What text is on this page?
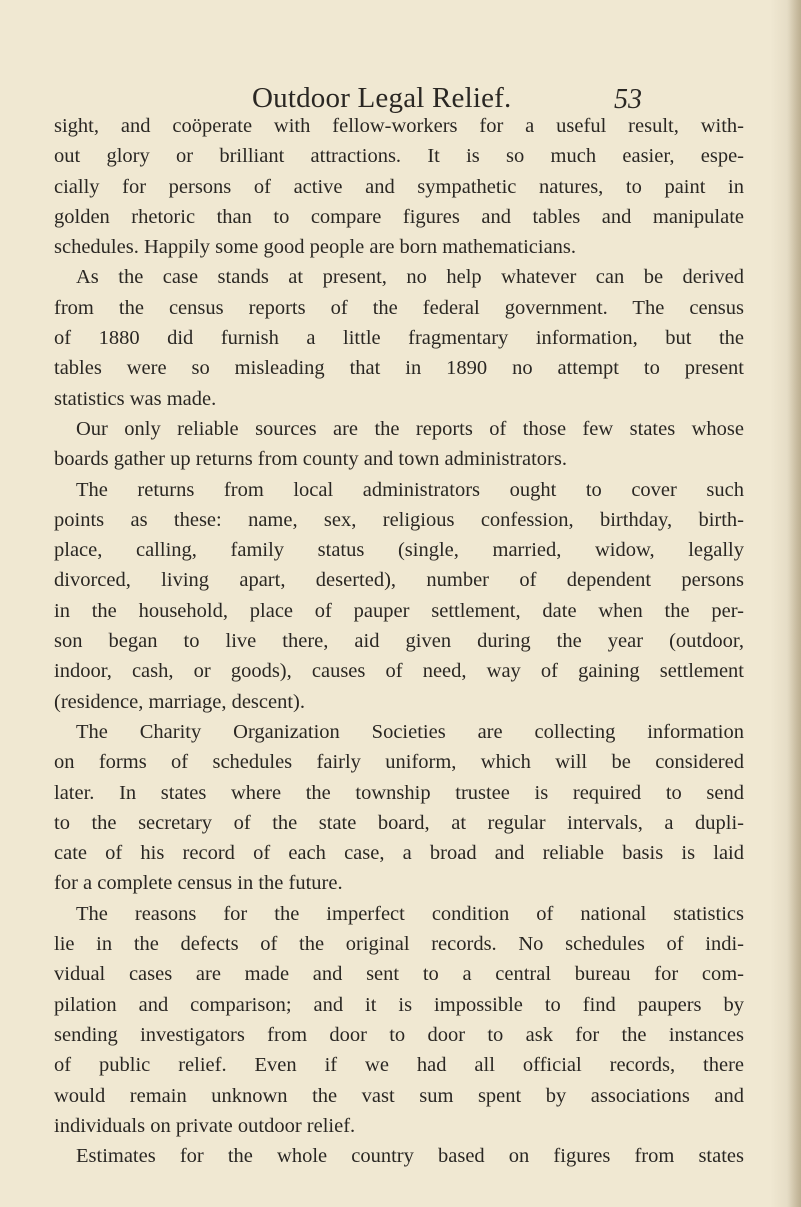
Outdoor Legal Relief.	53
sight, and coöperate with fellow-workers for a useful result, with-
out glory or brilliant attractions. It is so much easier, espe-
cially for persons of active and sympathetic natures, to paint in
golden rhetoric than to compare figures and tables and manipulate
schedules. Happily some good people are born mathematicians.
As the case stands at present, no help whatever can be derived
from the census reports of the federal government. The census
of 1880 did furnish a little fragmentary information, but the
tables were so misleading that in 1890 no attempt to present
statistics was made.
Our only reliable sources are the reports of those few states whose
boards gather up returns from county and town administrators.
The returns from local administrators ought to cover such
points as these: name, sex, religious confession, birthday, birth-
place, calling, family status (single, married, widow, legally
divorced, living apart, deserted), number of dependent persons
in the household, place of pauper settlement, date when the per-
son began to live there, aid given during the year (outdoor,
indoor, cash, or goods), causes of need, way of gaining settlement
(residence, marriage, descent).
The Charity Organization Societies are collecting information
on forms of schedules fairly uniform, which will be considered
later. In states where the township trustee is required to send
to the secretary of the state board, at regular intervals, a dupli-
cate of his record of each case, a broad and reliable basis is laid
for a complete census in the future.
The reasons for the imperfect condition of national statistics
lie in the defects of the original records. No schedules of indi-
vidual cases are made and sent to a central bureau for com-
pilation and comparison; and it is impossible to find paupers by
sending investigators from door to door to ask for the instances
of public relief. Even if we had all official records, there
would remain unknown the vast sum spent by associations and
individuals on private outdoor relief.
Estimates for the whole country based on figures from states
